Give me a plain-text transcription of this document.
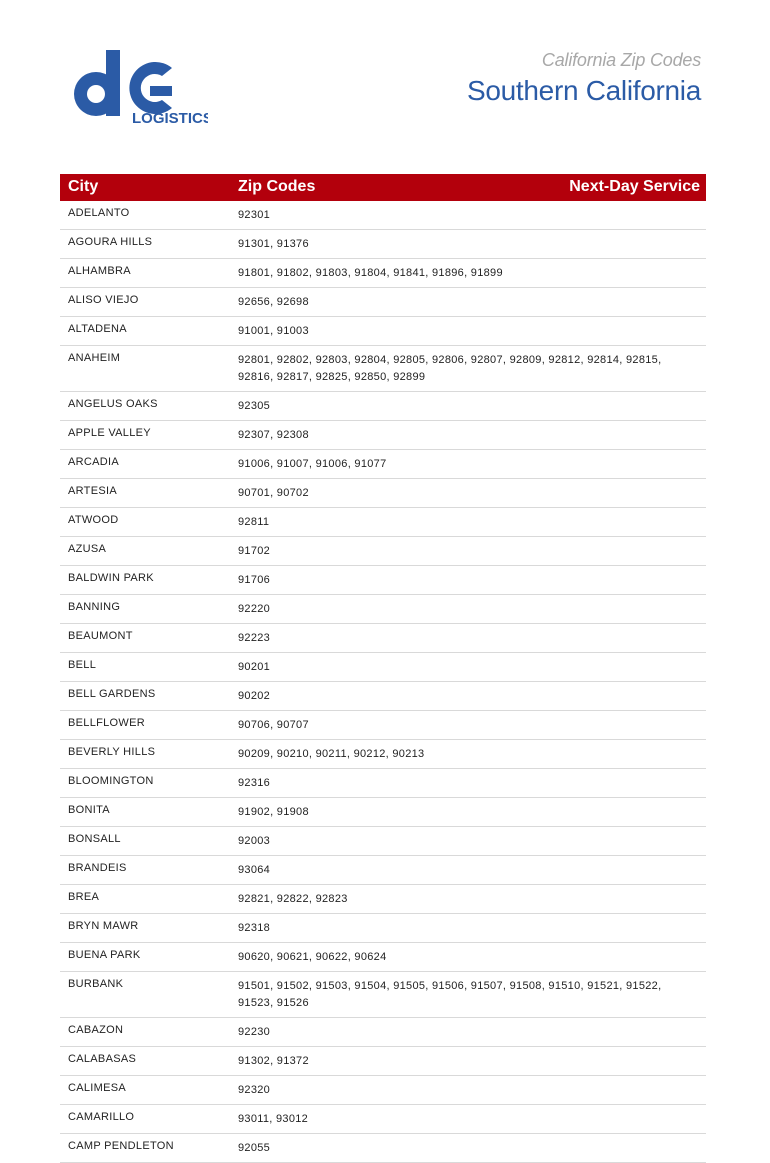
LOGISTICS
California Zip Codes
Southern California
City	Zip Codes	Next-Day Service
ADELANTO	92301
AGOURA HILLS	91301, 91376
ALHAMBRA	91801, 91802, 91803, 91804, 91841, 91896, 91899
ALISO VIEJO	92656, 92698
ALTADENA	91001, 91003
ANAHEIM	92801, 92802, 92803, 92804, 92805, 92806, 92807, 92809, 92812, 92814, 92815, 92816, 92817, 92825, 92850, 92899
ANGELUS OAKS	92305
APPLE VALLEY	92307, 92308
ARCADIA	91006, 91007, 91006, 91077
ARTESIA	90701, 90702
ATWOOD	92811
AZUSA	91702
BALDWIN PARK	91706
BANNING	92220
BEAUMONT	92223
BELL	90201
BELL GARDENS	90202
BELLFLOWER	90706, 90707
BEVERLY HILLS	90209, 90210, 90211, 90212, 90213
BLOOMINGTON	92316
BONITA	91902, 91908
BONSALL	92003
BRANDEIS	93064
BREA	92821, 92822, 92823
BRYN MAWR	92318
BUENA PARK	90620, 90621, 90622, 90624
BURBANK	91501, 91502, 91503, 91504, 91505, 91506, 91507, 91508, 91510, 91521, 91522, 91523, 91526
CABAZON	92230
CALABASAS	91302, 91372
CALIMESA	92320
CAMARILLO	93011, 93012
CAMP PENDLETON	92055
